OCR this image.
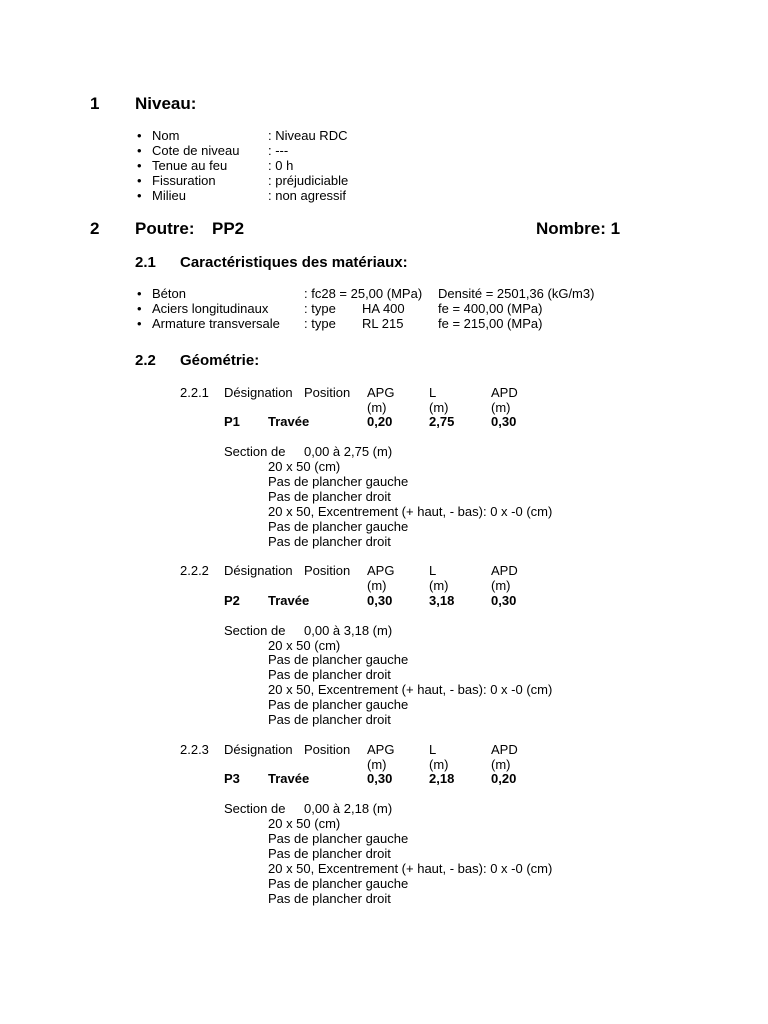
1 Niveau:
• Nom	: Niveau RDC
• Cote de niveau : ---
• Tenue au feu	: 0 h
• Fissuration	: préjudiciable
• Milieu	: non agressif
2 Poutre: PP2	Nombre: 1
2.1 Caractéristiques des matériaux:
• Béton	: fc28 = 25,00 (MPa) Densité = 2501,36 (kG/m3)
• Aciers longitudinaux	: type HA 400	fe = 400,00 (MPa)
• Armature transversale : type RL 215	fe = 215,00 (MPa)
2.2 Géométrie:
2.2.1 Désignation Position APG	L	APD
(m)	(m)	(m)
P1 Travée	0,20	2,75	0,30
Section de 0,00 à 2,75 (m)
20 x 50 (cm)
Pas de plancher gauche
Pas de plancher droit
20 x 50, Excentrement (+ haut, - bas): 0 x -0 (cm)
Pas de plancher gauche
Pas de plancher droit
2.2.2 Désignation Position APG	L	APD
(m)	(m)	(m)
P2 Travée	0,30	3,18	0,30
Section de 0,00 à 3,18 (m)
20 x 50 (cm)
Pas de plancher gauche
Pas de plancher droit
20 x 50, Excentrement (+ haut, - bas): 0 x -0 (cm)
Pas de plancher gauche
Pas de plancher droit
2.2.3 Désignation Position APG	L	APD
(m)	(m)	(m)
P3 Travée	0,30	2,18	0,20
Section de 0,00 à 2,18 (m)
20 x 50 (cm)
Pas de plancher gauche
Pas de plancher droit
20 x 50, Excentrement (+ haut, - bas): 0 x -0 (cm)
Pas de plancher gauche
Pas de plancher droit
